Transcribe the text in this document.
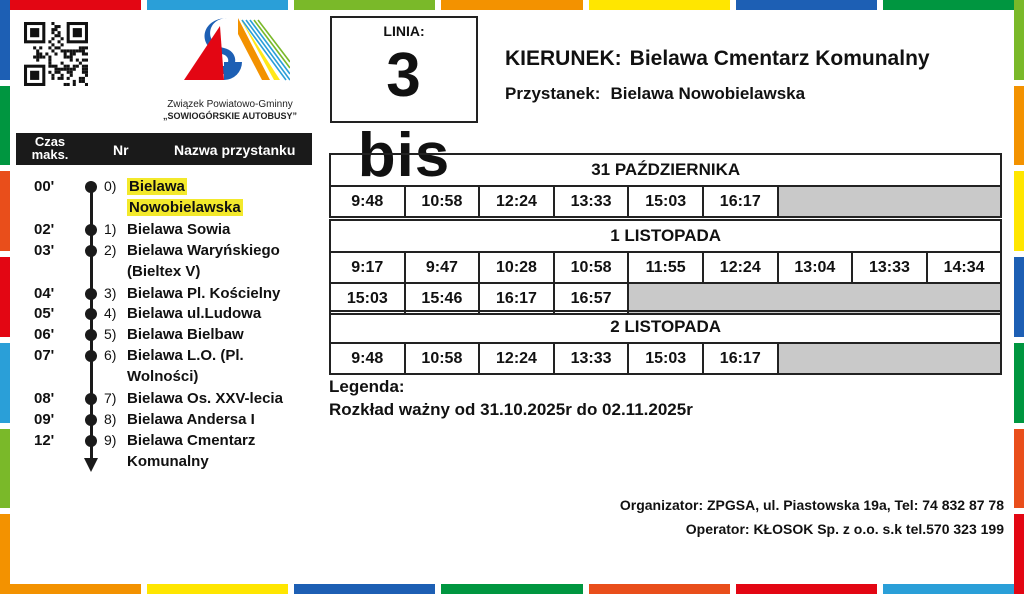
Związek Powiatowo-Gminny
„SOWIOGÓRSKIE AUTOBUSY”
LINIA:
3 bis
KIERUNEK: Bielawa Cmentarz Komunalny
Przystanek: Bielawa Nowobielawska
Czas
maks.	Nr	Nazwa przystanku
00'	0) Bielawa
Nowobielawska
02'	1) Bielawa Sowia
03'	2) Bielawa Waryńskiego
(Bieltex V)
04'	3) Bielawa Pl. Kościelny
05'	4) Bielawa ul.Ludowa
06'	5) Bielawa Bielbaw
07'	6) Bielawa L.O. (Pl.
Wolności)
08'	7) Bielawa Os. XXV-lecia
09'	8) Bielawa Andersa I
12'	9) Bielawa Cmentarz
Komunalny
31 PAŹDZIERNIKA
9:48	10:58	12:24	13:33	15:03	16:17	
1 LISTOPADA								
9:17	9:47	10:28	10:58	11:55	12:24	13:04	13:33	14:34
15:03	15:46	16:17	16:57					
2 LISTOPADA
9:48	10:58	12:24	13:33	15:03	16:17	
Legenda:
Rozkład ważny od 31.10.2025r do 02.11.2025r
Organizator: ZPGSA, ul. Piastowska 19a, Tel: 74 832 87 78
Operator: KŁOSOK Sp. z o.o. s.k tel.570 323 199
